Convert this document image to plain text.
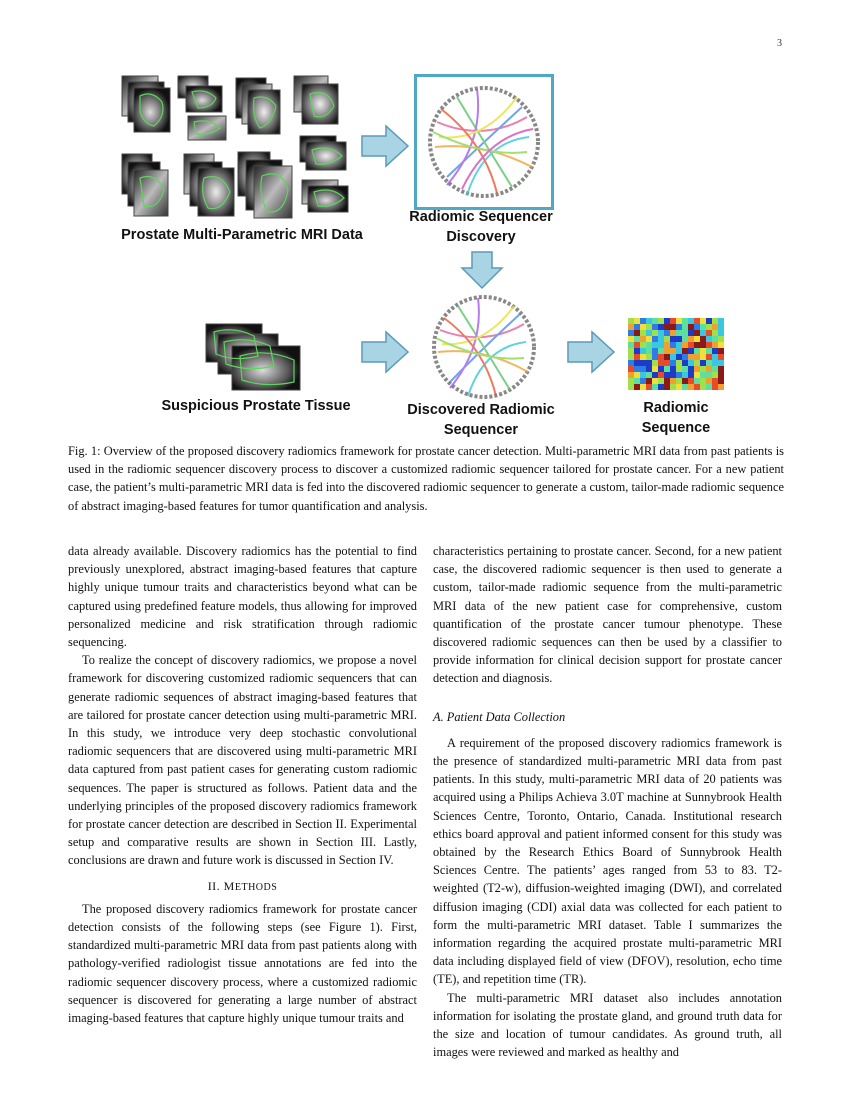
3
Prostate Multi-Parametric MRI Data
Radiomic Sequencer
Discovery
Suspicious Prostate Tissue	Discovered Radiomic
Sequencer
Radiomic
Sequence
Fig. 1: Overview of the proposed discovery radiomics framework for prostate cancer detection. Multi-parametric MRI data from past patients is used in the radiomic sequencer discovery process to discover a customized radiomic sequencer tailored for prostate cancer. For a new patient case, the patient’s multi-parametric MRI data is fed into the discovered radiomic sequencer to generate a custom, tailor-made radiomic sequence of abstract imaging-based features for tumor quantification and analysis.

data already available. Discovery radiomics has the potential to find previously unexplored, abstract imaging-based features that capture highly unique tumour traits and characteristics beyond what can be captured using predefined feature models, thus allowing for improved personalized medicine and risk stratification through radiomic sequencing.

To realize the concept of discovery radiomics, we propose a novel framework for discovering customized radiomic sequencers that can generate radiomic sequences of abstract imaging-based features that are tailored for prostate cancer detection using multi-parametric MRI. In this study, we introduce very deep stochastic convolutional radiomic sequencers that are discovered using multi-parametric MRI data captured from past patient cases for generating custom radiomic sequences. The paper is structured as follows. Patient data and the underlying principles of the proposed discovery radiomics framework for prostate cancer detection are described in Section II. Experimental setup and comparative results are shown in Section III. Lastly, conclusions are drawn and future work is discussed in Section IV.

II. METHODS

The proposed discovery radiomics framework for prostate cancer detection consists of the following steps (see Figure 1). First, standardized multi-parametric MRI data from past patients along with pathology-verified radiologist tissue annotations are fed into the radiomic sequencer discovery process, where a customized radiomic sequencer is discovered for generating a large number of abstract imaging-based features that capture highly unique tumour traits and

characteristics pertaining to prostate cancer. Second, for a new patient case, the discovered radiomic sequencer is then used to generate a custom, tailor-made radiomic sequence from the multi-parametric MRI data of the new patient case for comprehensive, custom quantification of the prostate cancer tumour phenotype. These discovered radiomic sequences can then be used by a classifier to provide information for clinical decision support for prostate cancer detection and diagnosis.

A. Patient Data Collection

A requirement of the proposed discovery radiomics framework is the presence of standardized multi-parametric MRI data from past patients. In this study, multi-parametric MRI data of 20 patients was acquired using a Philips Achieva 3.0T machine at Sunnybrook Health Sciences Centre, Toronto, Ontario, Canada. Institutional research ethics board approval and patient informed consent for this study was obtained by the Research Ethics Board of Sunnybrook Health Sciences Centre. The patients’ ages ranged from 53 to 83. T2-weighted (T2-w), diffusion-weighted imaging (DWI), and correlated diffusion imaging (CDI) axial data was collected for each patient to form the multi-parametric MRI dataset. Table I summarizes the information regarding the acquired prostate multi-parametric MRI data including displayed field of view (DFOV), resolution, echo time (TE), and repetition time (TR).

The multi-parametric MRI dataset also includes annotation information for isolating the prostate gland, and ground truth data for the size and location of tumour candidates. As ground truth, all images were reviewed and marked as healthy and
